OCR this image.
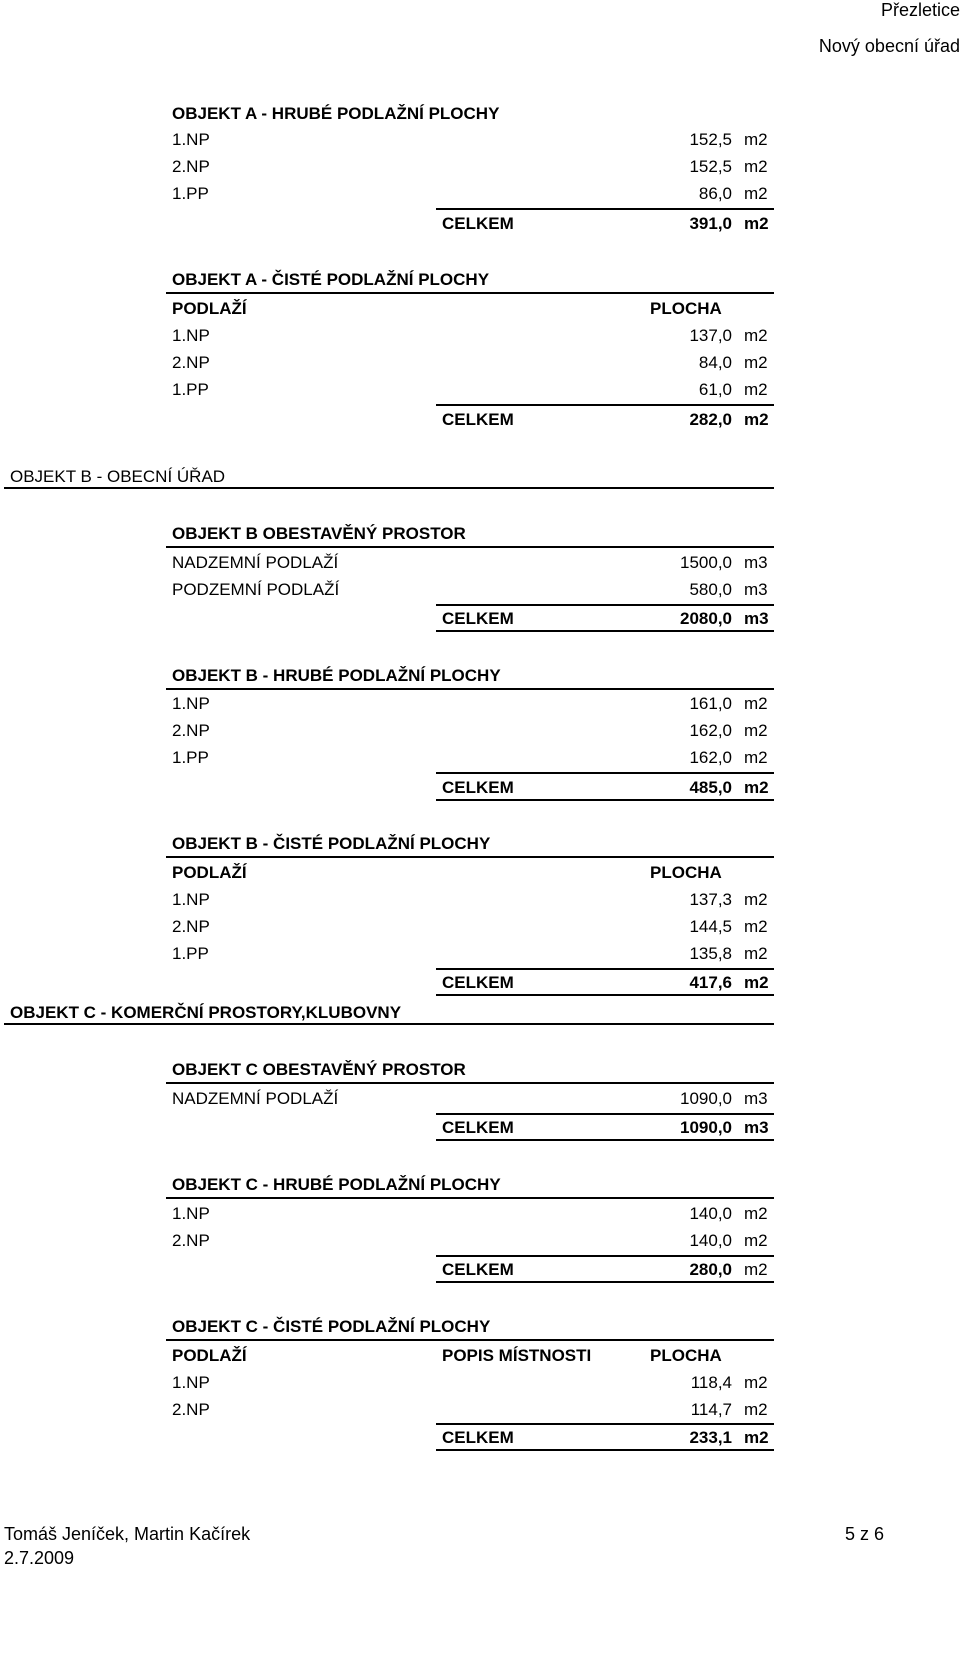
Přezletice
Nový obecní úřad
OBJEKT A - HRUBÉ PODLAŽNÍ PLOCHY
1.NP	152,5 m2
2.NP	152,5 m2
1.PP	86,0 m2
CELKEM	391,0 m2
OBJEKT A - ČISTÉ PODLAŽNÍ PLOCHY
PODLAŽÍ	PLOCHA
1.NP	137,0 m2
2.NP	84,0 m2
1.PP	61,0 m2
CELKEM	282,0 m2
OBJEKT B - OBECNÍ ÚŘAD
OBJEKT B OBESTAVĚNÝ PROSTOR
NADZEMNÍ PODLAŽÍ	1500,0 m3
PODZEMNÍ PODLAŽÍ	580,0 m3
CELKEM	2080,0 m3
OBJEKT B - HRUBÉ PODLAŽNÍ PLOCHY
1.NP	161,0 m2
2.NP	162,0 m2
1.PP	162,0 m2
CELKEM	485,0 m2
OBJEKT B - ČISTÉ PODLAŽNÍ PLOCHY
PODLAŽÍ	PLOCHA
1.NP	137,3 m2
2.NP	144,5 m2
1.PP	135,8 m2
CELKEM	417,6 m2
OBJEKT C - KOMERČNÍ PROSTORY,KLUBOVNY
OBJEKT C OBESTAVĚNÝ PROSTOR
NADZEMNÍ PODLAŽÍ	1090,0 m3
CELKEM	1090,0 m3
OBJEKT C - HRUBÉ PODLAŽNÍ PLOCHY
1.NP	140,0 m2
2.NP	140,0 m2
CELKEM	280,0 m2
OBJEKT C - ČISTÉ PODLAŽNÍ PLOCHY
PODLAŽÍ	POPIS MÍSTNOSTI	PLOCHA
1.NP	118,4 m2
2.NP	114,7 m2
CELKEM	233,1 m2
Tomáš Jeníček, Martin Kačírek
2.7.2009
5 z 6
